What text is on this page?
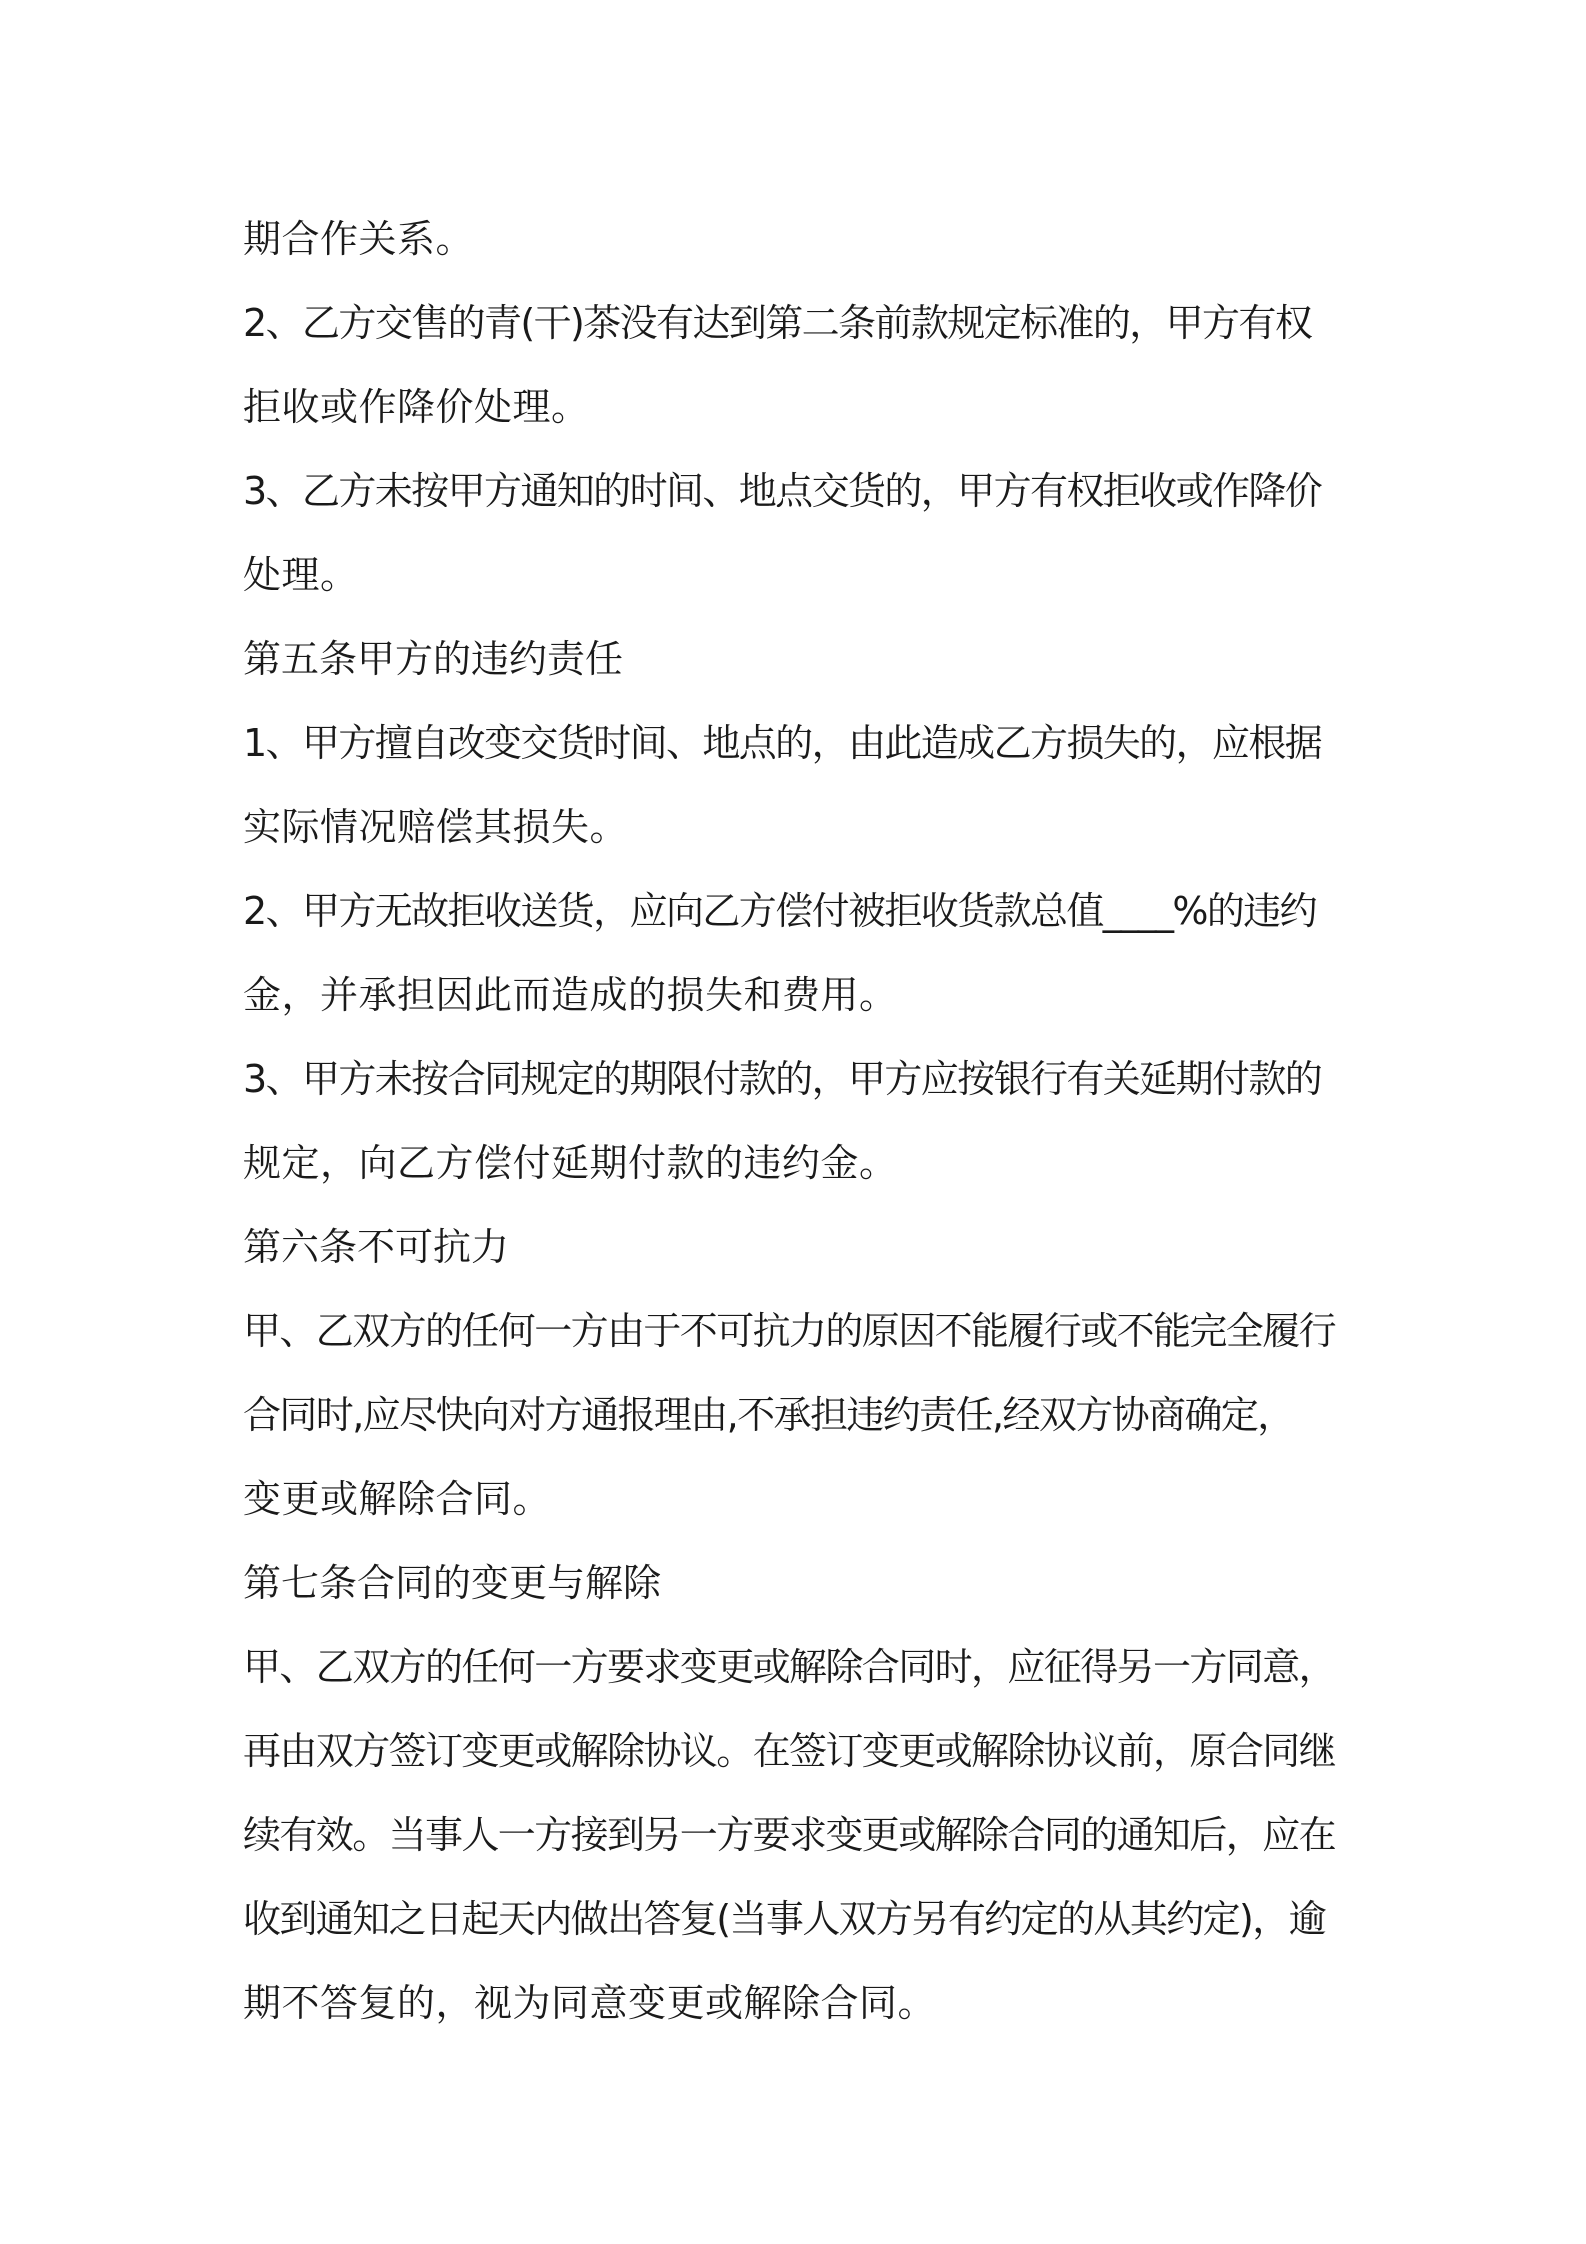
期合作关系。
2、乙方交售的青(干)茶没有达到第二条前款规定标准的，甲方有权
拒收或作降价处理。
3、乙方未按甲方通知的时间、地点交货的，甲方有权拒收或作降价
处理。
第五条甲方的违约责任
1、甲方擅自改变交货时间、地点的，由此造成乙方损失的，应根据
实际情况赔偿其损失。
2、甲方无故拒收送货，应向乙方偿付被拒收货款总值____%的违约
金，并承担因此而造成的损失和费用。
3、甲方未按合同规定的期限付款的，甲方应按银行有关延期付款的
规定，向乙方偿付延期付款的违约金。
第六条不可抗力
甲、乙双方的任何一方由于不可抗力的原因不能履行或不能完全履行
合同时,应尽快向对方通报理由,不承担违约责任,经双方协商确定，
变更或解除合同。
第七条合同的变更与解除
甲、乙双方的任何一方要求变更或解除合同时，应征得另一方同意，
再由双方签订变更或解除协议。在签订变更或解除协议前，原合同继
续有效。当事人一方接到另一方要求变更或解除合同的通知后，应在
收到通知之日起天内做出答复(当事人双方另有约定的从其约定)，逾
期不答复的，视为同意变更或解除合同。
